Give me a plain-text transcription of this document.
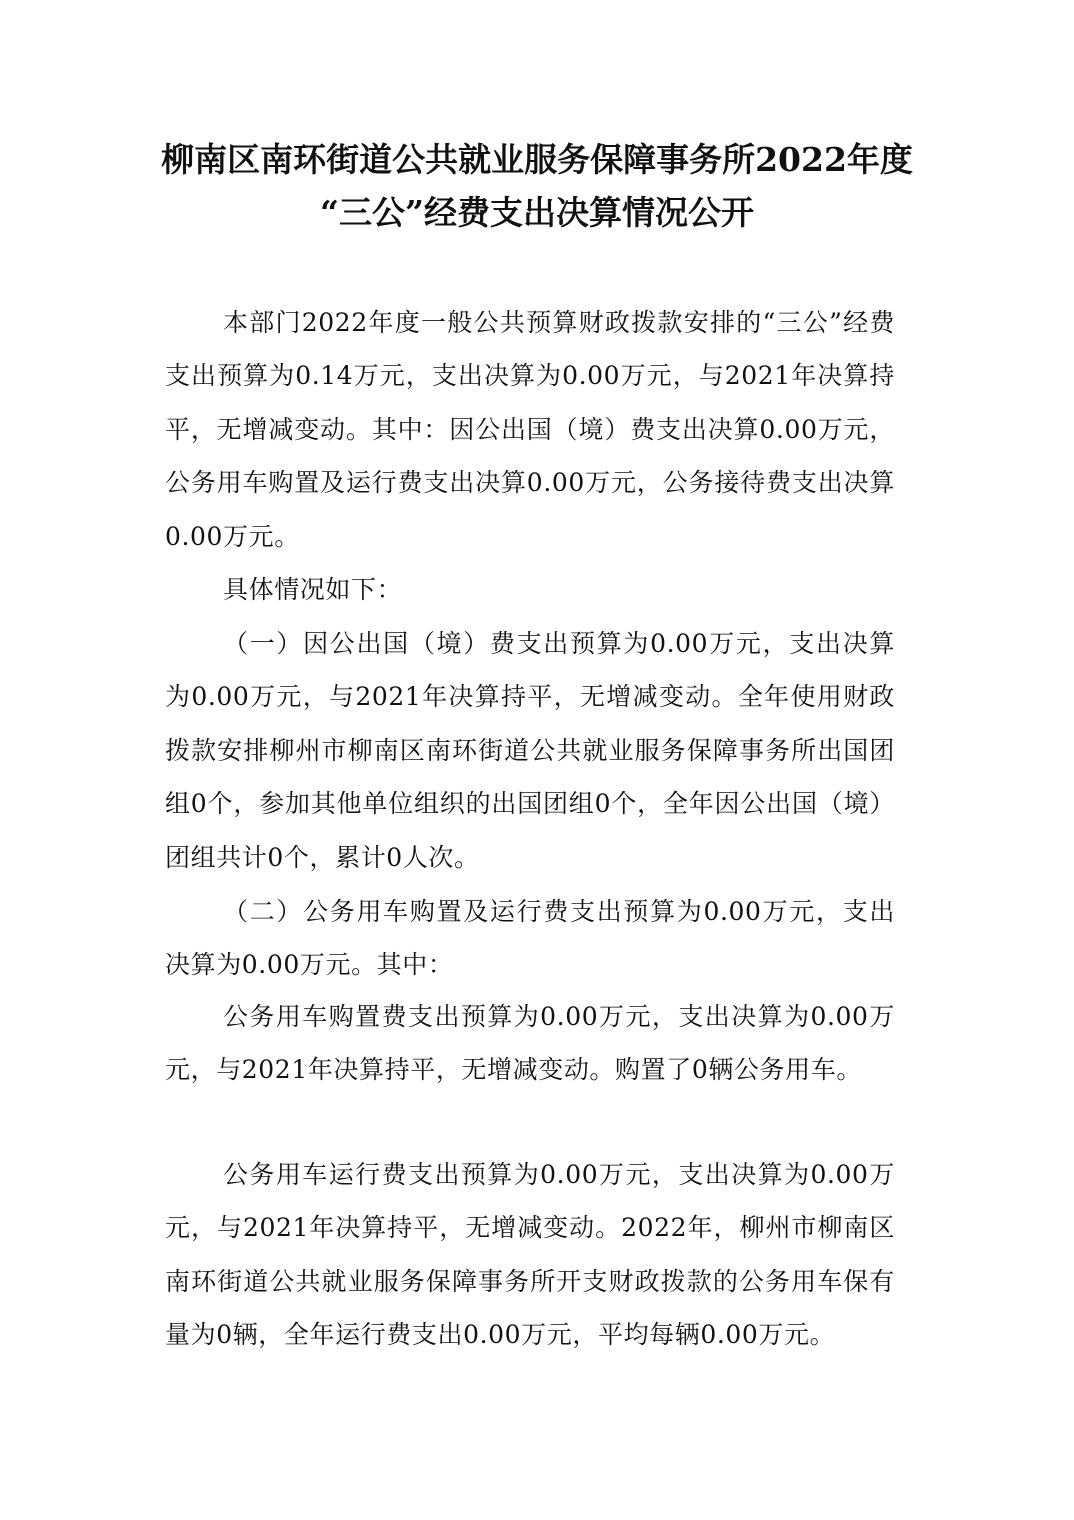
柳南区南环街道公共就业服务保障事务所2022年度
“三公”经费支出决算情况公开

本部门2022年度一般公共预算财政拨款安排的“三公”经费支出预算为0.14万元，支出决算为0.00万元，与2021年决算持平，无增减变动。其中：因公出国（境）费支出决算0.00万元，公务用车购置及运行费支出决算0.00万元，公务接待费支出决算0.00万元。

具体情况如下：

（一）因公出国（境）费支出预算为0.00万元，支出决算为0.00万元，与2021年决算持平，无增减变动。全年使用财政拨款安排柳州市柳南区南环街道公共就业服务保障事务所出国团组0个，参加其他单位组织的出国团组0个，全年因公出国（境）团组共计0个，累计0人次。

（二）公务用车购置及运行费支出预算为0.00万元，支出决算为0.00万元。其中：

公务用车购置费支出预算为0.00万元，支出决算为0.00万元，与2021年决算持平，无增减变动。购置了0辆公务用车。

公务用车运行费支出预算为0.00万元，支出决算为0.00万元，与2021年决算持平，无增减变动。2022年，柳州市柳南区南环街道公共就业服务保障事务所开支财政拨款的公务用车保有量为0辆，全年运行费支出0.00万元，平均每辆0.00万元。
